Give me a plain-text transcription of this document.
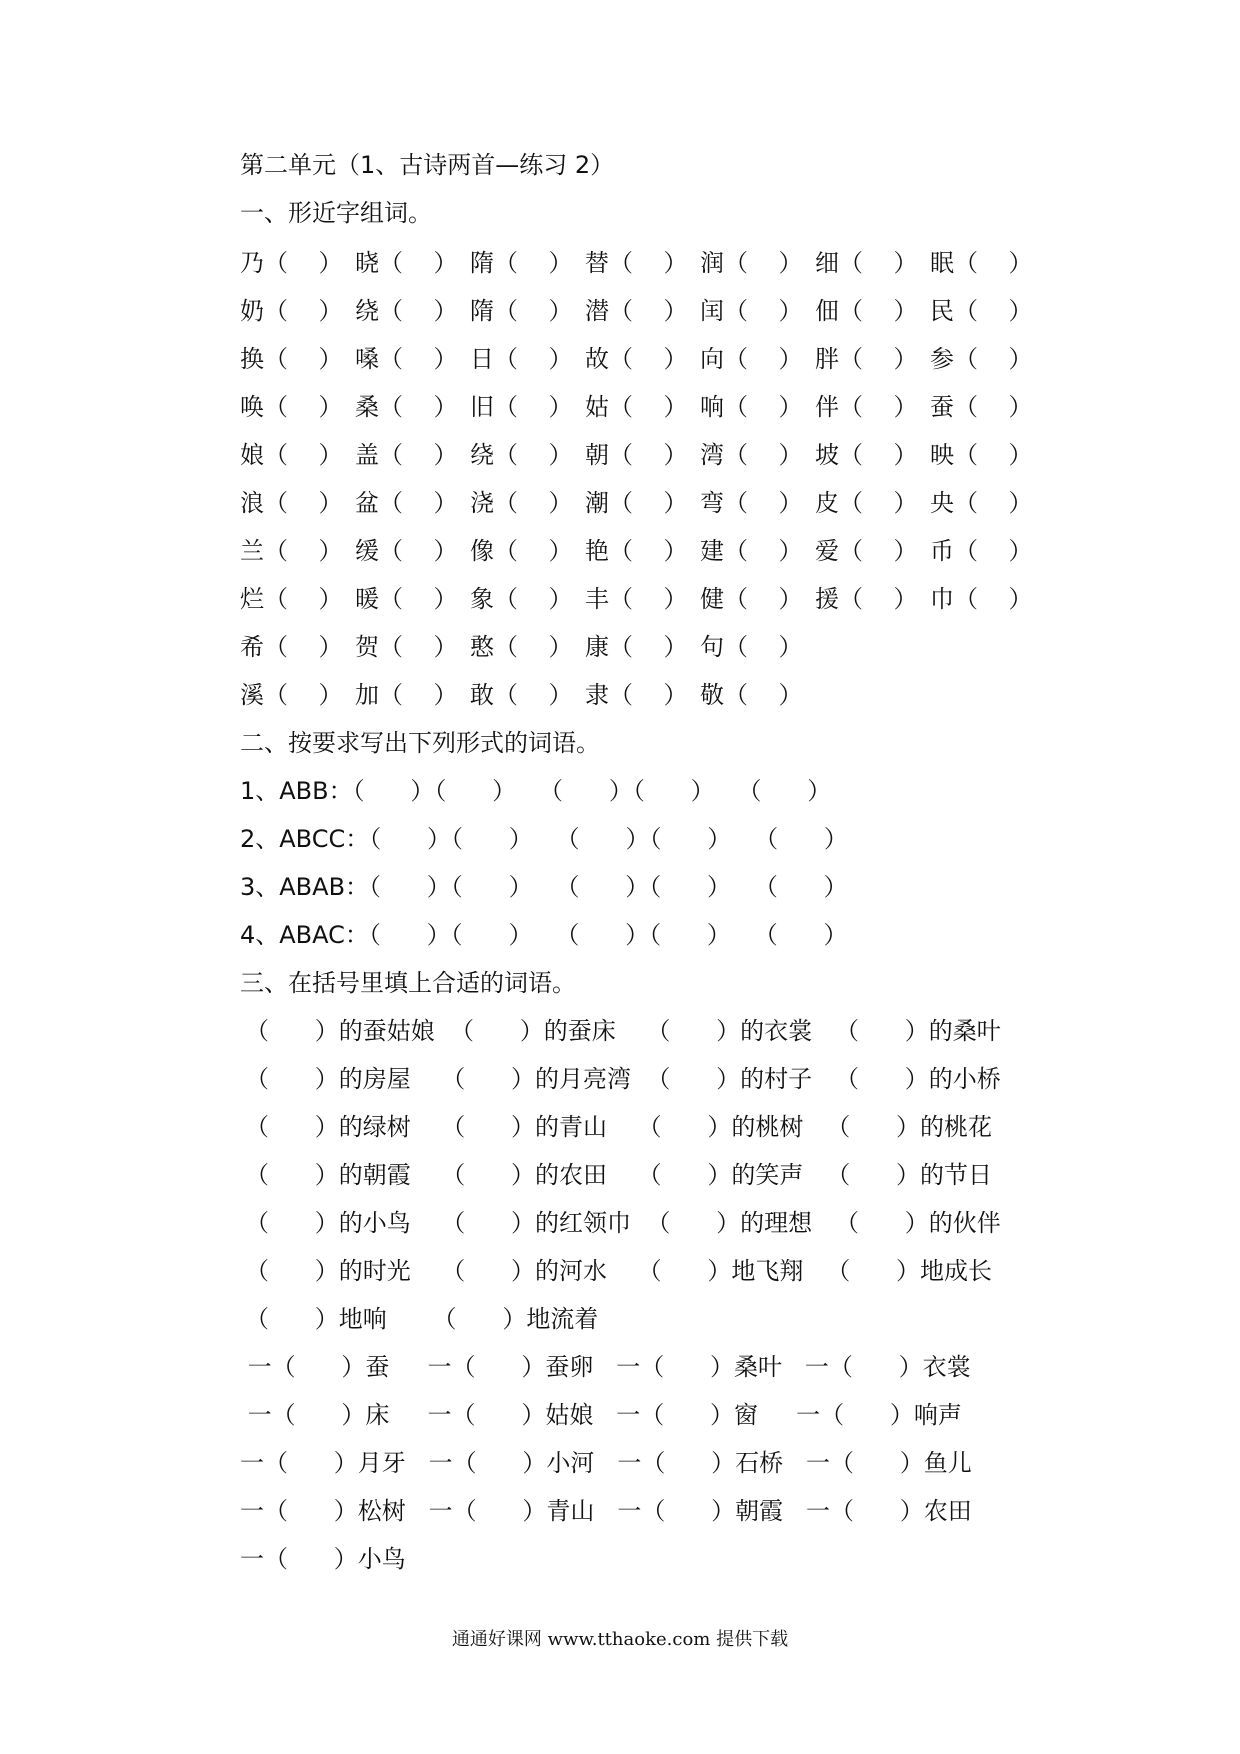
第二单元（1、古诗两首—练习 2）
一、形近字组词。
乃 （    ） 晓 （    ） 隋 （    ） 替 （    ） 润 （    ） 细 （    ） 眠 （    ）
奶 （    ） 绕 （    ） 隋 （    ） 潜 （    ） 闰 （    ） 佃 （    ） 民 （    ）
换 （    ） 嗓 （    ） 日 （    ） 故 （    ） 向 （    ） 胖 （    ） 参 （    ）
唤 （    ） 桑 （    ） 旧 （    ） 姑 （    ） 响 （    ） 伴 （    ） 蚕 （    ）
娘 （    ） 盖 （    ） 绕 （    ） 朝 （    ） 湾 （    ） 坡 （    ） 映 （    ）
浪 （    ） 盆 （    ） 浇 （    ） 潮 （    ） 弯 （    ） 皮 （    ） 央 （    ）
兰 （    ） 缓 （    ） 像 （    ） 艳 （    ） 建 （    ） 爱 （    ） 币 （    ）
烂 （    ） 暖 （    ） 象 （    ） 丰 （    ） 健 （    ） 援 （    ） 巾 （    ）
希 （    ） 贺 （    ） 憨 （    ） 康 （    ） 句 （    ）
溪 （    ） 加 （    ） 敢 （    ） 隶 （    ） 敬 （    ）
二、按要求写出下列形式的词语。
1、ABB：（      ）（      ）   （      ）（      ）   （      ）
2、ABCC：（      ）（      ）   （      ）（      ）   （      ）
3、ABAB：（      ）（      ）   （      ）（      ）   （      ）
4、ABAC：（      ）（      ）   （      ）（      ）   （      ）
三、在括号里填上合适的词语。
（      ）的蚕姑娘  （      ）的蚕床    （      ）的衣裳   （      ）的桑叶
（      ）的房屋    （      ）的月亮湾  （      ）的村子   （      ）的小桥
（      ）的绿树    （      ）的青山    （      ）的桃树   （      ）的桃花
（      ）的朝霞    （      ）的农田    （      ）的笑声   （      ）的节日
（      ）的小鸟    （      ）的红领巾  （      ）的理想   （      ）的伙伴
（      ）的时光    （      ）的河水    （      ）地飞翔   （      ）地成长
（      ）地响      （      ）地流着
一（      ）蚕     一（      ）蚕卵   一（      ）桑叶   一（      ）衣裳
一（      ）床     一（      ）姑娘   一（      ）窗     一（      ）响声
一（      ）月牙   一（      ）小河   一（      ）石桥   一（      ）鱼儿
一（      ）松树   一（      ）青山   一（      ）朝霞   一（      ）农田
一（      ）小鸟
通通好课网 www.tthaoke.com 提供下载
